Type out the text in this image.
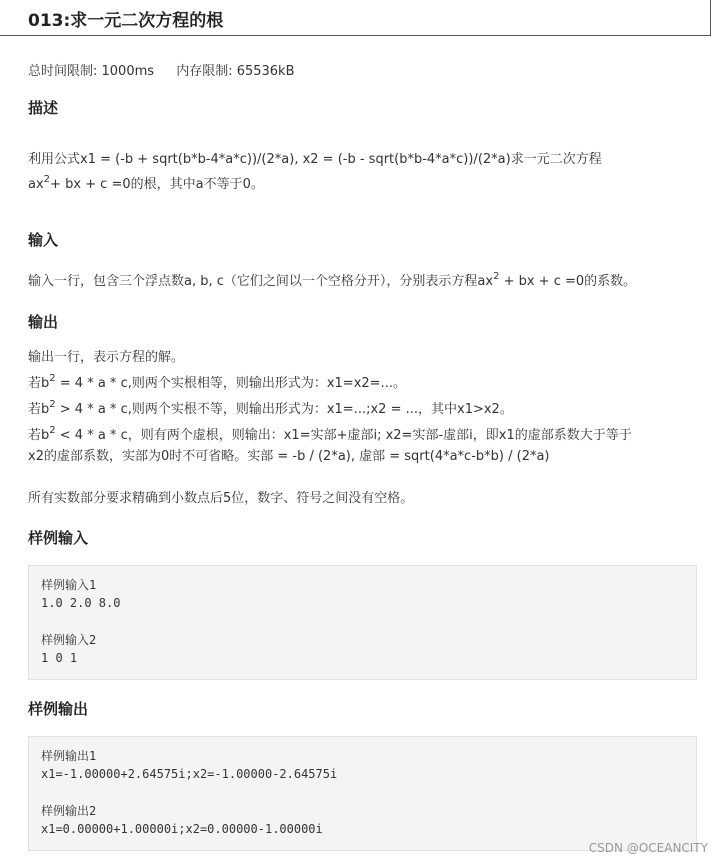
013:求一元二次方程的根
总时间限制: 1000ms 内存限制: 65536kB
描述
利用公式x1 = (-b + sqrt(b*b-4*a*c))/(2*a), x2 = (-b - sqrt(b*b-4*a*c))/(2*a)求一元二次方程
$ax^2+$ bx + c =0的根，其中a不等于0。
输入
输入一行，包含三个浮点数a, b, c（它们之间以一个空格分开），分别表示方程$ax^2$ + bx + c =0的系数。
输出
输出一行，表示方程的解。
若$b^2 = 4 * a * c$,则两个实根相等，则输出形式为：x1=x2=...。
若$b^2 > 4 * a * c$,则两个实根不等，则输出形式为：x1=...;x2 = ...，其中x1>x2。
若$b^2 < 4 * a * c$，则有两个虚根，则输出：x1=实部+虚部i; x2=实部-虚部i，即x1的虚部系数大于等于
x2的虚部系数，实部为0时不可省略。实部 = -b / (2*a), 虚部 = sqrt(4*a*c-b*b) / (2*a)
所有实数部分要求精确到小数点后5位，数字、符号之间没有空格。
样例输入
样例输入1
1.0 2.0 8.0
样例输入2
1 0 1
样例输出
样例输出1
x1=-1.00000+2.64575i;x2=-1.00000-2.64575i
样例输出2
x1=0.00000+1.00000i;x2=0.00000-1.00000i
CSDN @OCEANCITY
